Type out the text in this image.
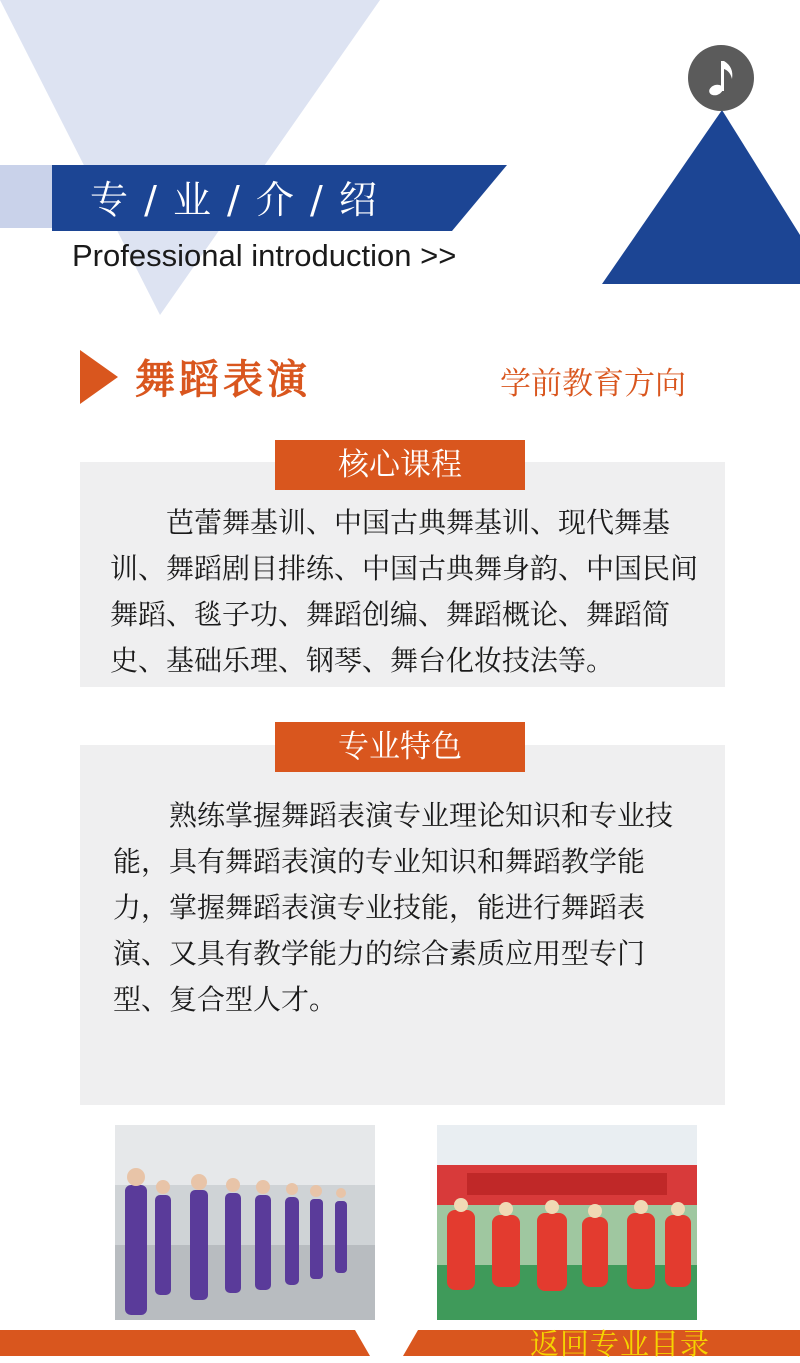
专 / 业 / 介 / 绍
Professional introduction >>
舞蹈表演	学前教育方向

芭蕾舞基训、中国古典舞基训、现代舞基训、舞蹈剧目排练、中国古典舞身韵、中国民间舞蹈、毯子功、舞蹈创编、舞蹈概论、舞蹈简史、基础乐理、钢琴、舞台化妆技法等。

核心课程

熟练掌握舞蹈表演专业理论知识和专业技能，具有舞蹈表演的专业知识和舞蹈教学能力，掌握舞蹈表演专业技能，能进行舞蹈表演、又具有教学能力的综合素质应用型专门型、复合型人才。

专业特色
返回专业目录
